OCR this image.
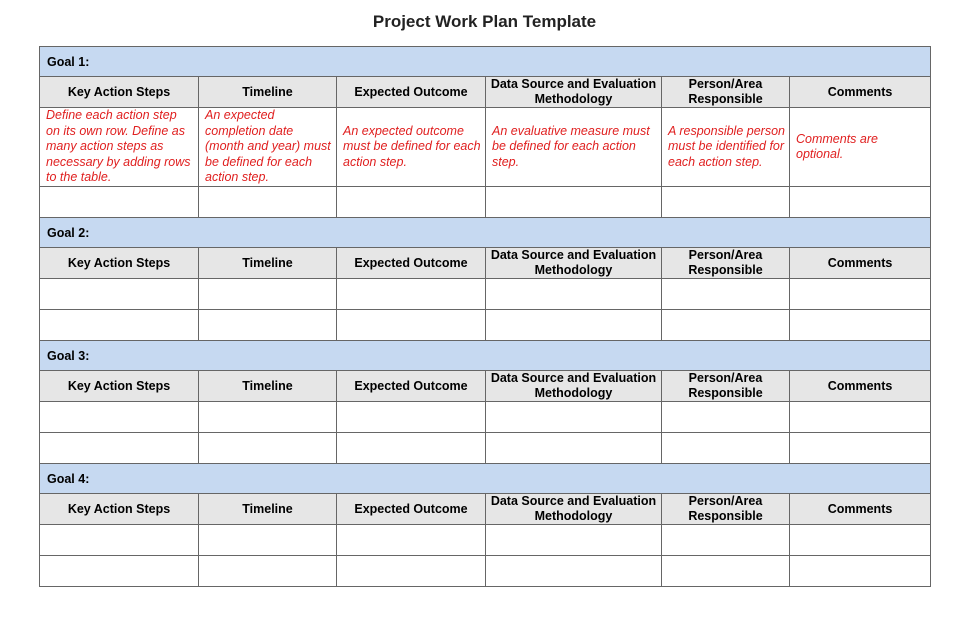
Project Work Plan Template
Goal 1:					
Key Action Steps	Timeline	Expected Outcome	Data Source and Evaluation Methodology	Person/Area Responsible	Comments
Define each action step on its own row. Define as many action steps as necessary by adding rows to the table.	An expected completion date (month and year) must be defined for each action step.	An expected outcome must be defined for each action step.	An evaluative measure must be defined for each action step.	A responsible person must be identified for each action step.	Comments are optional.

Goal 2:					
Key Action Steps	Timeline	Expected Outcome	Data Source and Evaluation Methodology	Person/Area Responsible	Comments

Goal 3:					
Key Action Steps	Timeline	Expected Outcome	Data Source and Evaluation Methodology	Person/Area Responsible	Comments

Goal 4:					
Key Action Steps	Timeline	Expected Outcome	Data Source and Evaluation Methodology	Person/Area Responsible	Comments
